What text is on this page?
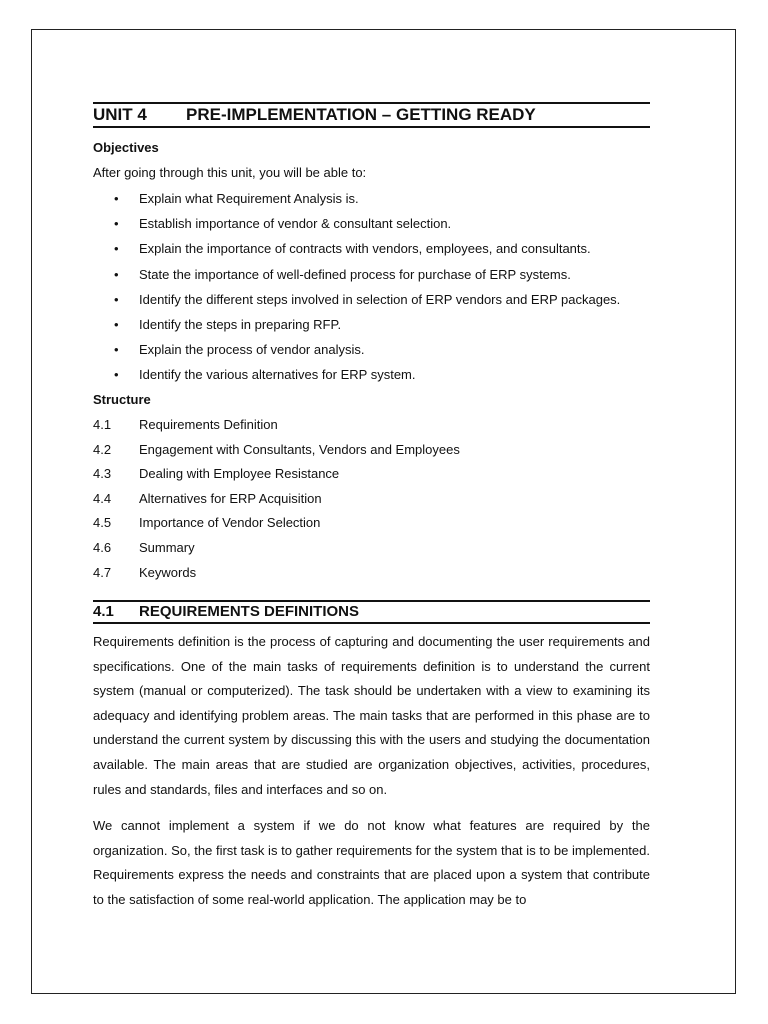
UNIT 4 PRE-IMPLEMENTATION – GETTING READY
Objectives
After going through this unit, you will be able to:
• Explain what Requirement Analysis is.
• Establish importance of vendor & consultant selection.
• Explain the importance of contracts with vendors, employees, and consultants.
• State the importance of well-defined process for purchase of ERP systems.
• Identify the different steps involved in selection of ERP vendors and ERP packages.
• Identify the steps in preparing RFP.
• Explain the process of vendor analysis.
• Identify the various alternatives for ERP system.
Structure
4.1 Requirements Definition
4.2 Engagement with Consultants, Vendors and Employees
4.3 Dealing with Employee Resistance
4.4 Alternatives for ERP Acquisition
4.5 Importance of Vendor Selection
4.6 Summary
4.7 Keywords
4.1 REQUIREMENTS DEFINITIONS

Requirements definition is the process of capturing and documenting the user requirements and specifications. One of the main tasks of requirements definition is to understand the current system (manual or computerized). The task should be undertaken with a view to examining its adequacy and identifying problem areas. The main tasks that are performed in this phase are to understand the current system by discussing this with the users and studying the documentation available. The main areas that are studied are organization objectives, activities, procedures, rules and standards, files and interfaces and so on.

We cannot implement a system if we do not know what features are required by the organization. So, the first task is to gather requirements for the system that is to be implemented. Requirements express the needs and constraints that are placed upon a system that contribute to the satisfaction of some real-world application. The application may be to
